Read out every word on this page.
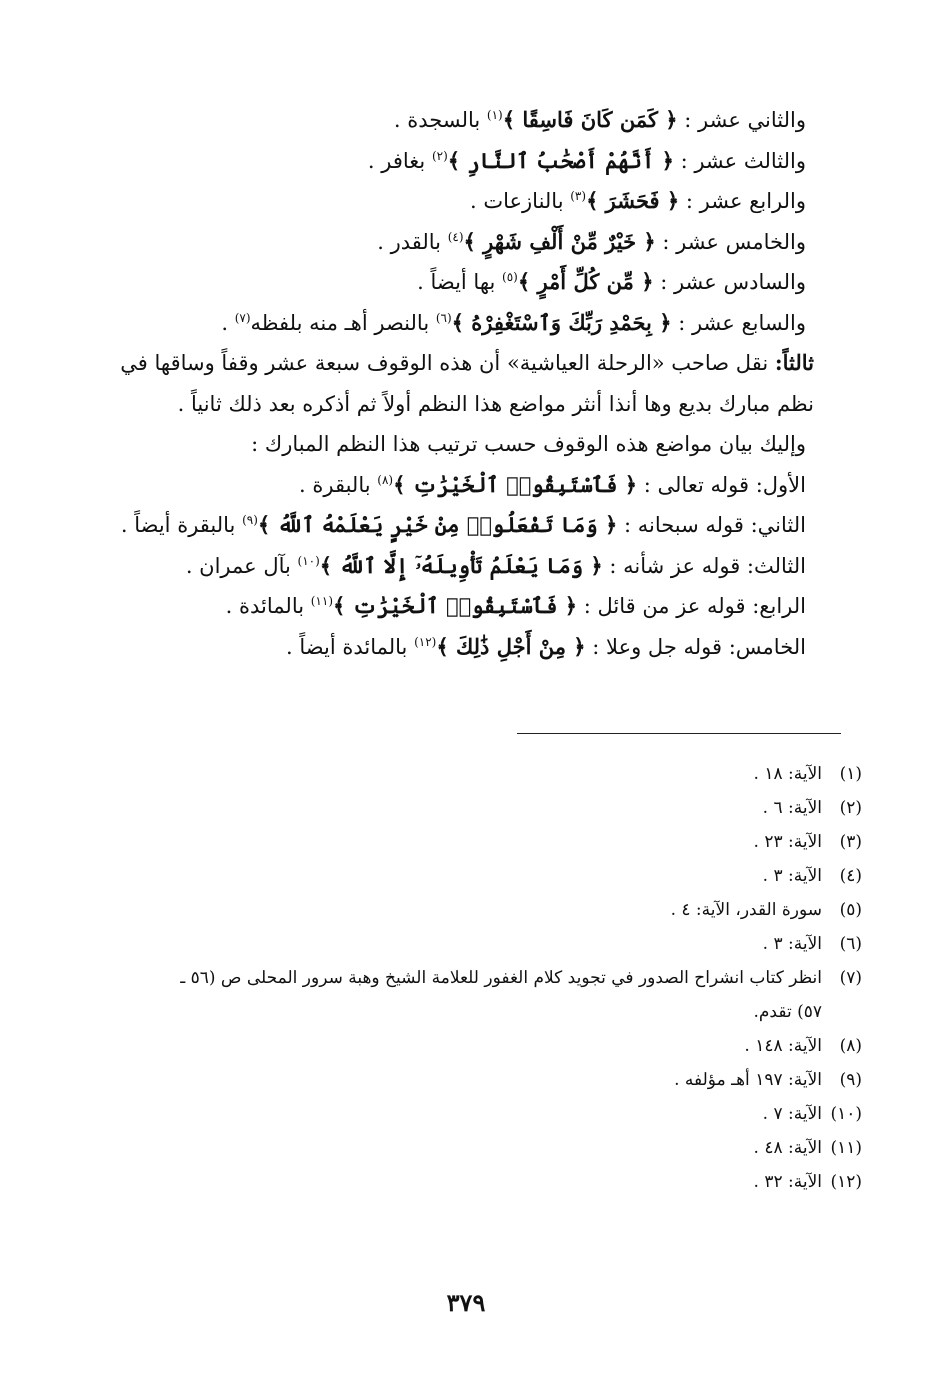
والثاني عشر : ﴿ كَمَن كَانَ فَاسِقًا ﴾$^{(١)}$ بالسجدة .
والثالث عشر : ﴿ أَنَّهُمْ أَصْحَٰبُ ٱلنَّارِ ﴾$^{(٢)}$ بغافر .
والرابع عشر : ﴿ فَحَشَرَ ﴾$^{(٣)}$ بالنازعات .
والخامس عشر : ﴿ خَيْرٌ مِّنْ أَلْفِ شَهْرٍ ﴾$^{(٤)}$ بالقدر .
والسادس عشر : ﴿ مِّن كُلِّ أَمْرٍ ﴾$^{(٥)}$ بها أيضاً .
والسابع عشر : ﴿ بِحَمْدِ رَبِّكَ وَٱسْتَغْفِرْهُ ﴾$^{(٦)}$ بالنصر أهـ منه بلفظه$^{(٧)}$ .
ثالثاً: نقل صاحب «الرحلة العياشية» أن هذه الوقوف سبعة عشر وقفاً وساقها في
نظم مبارك بديع وها أنذا أنثر مواضع هذا النظم أولاً ثم أذكره بعد ذلك ثانياً .
وإليك بيان مواضع هذه الوقوف حسب ترتيب هذا النظم المبارك :
الأول: قوله تعالى : ﴿ فَٱسْتَبِقُوا۟ ٱلْخَيْرَٰتِ ﴾$^{(٨)}$ بالبقرة .
الثاني: قوله سبحانه : ﴿ وَمَا تَفْعَلُوا۟ مِنْ خَيْرٍ يَعْلَمْهُ ٱللَّهُ ﴾$^{(٩)}$ بالبقرة أيضاً .
الثالث: قوله عز شأنه : ﴿ وَمَا يَعْلَمُ تَأْوِيلَهُۥٓ إِلَّا ٱللَّهُ ﴾$^{(١٠)}$ بآل عمران .
الرابع: قوله عز من قائل : ﴿ فَٱسْتَبِقُوا۟ ٱلْخَيْرَٰتِ ﴾$^{(١١)}$ بالمائدة .
الخامس: قوله جل وعلا : ﴿ مِنْ أَجْلِ ذَٰلِكَ ﴾$^{(١٢)}$ بالمائدة أيضاً .
(١)الآية: ١٨ .
(٢)الآية: ٦ .
(٣)الآية: ٢٣ .
(٤)الآية: ٣ .
(٥)سورة القدر، الآية: ٤ .
(٦)الآية: ٣ .
(٧)انظر كتاب انشراح الصدور في تجويد كلام الغفور للعلامة الشيخ وهبة سرور المحلى ص (٥٦ ـ
٥٧) تقدم.
(٨)الآية: ١٤٨ .
(٩)الآية: ١٩٧ أهـ مؤلفه .
(١٠)الآية: ٧ .
(١١)الآية: ٤٨ .
(١٢)الآية: ٣٢ .
٣٧٩
